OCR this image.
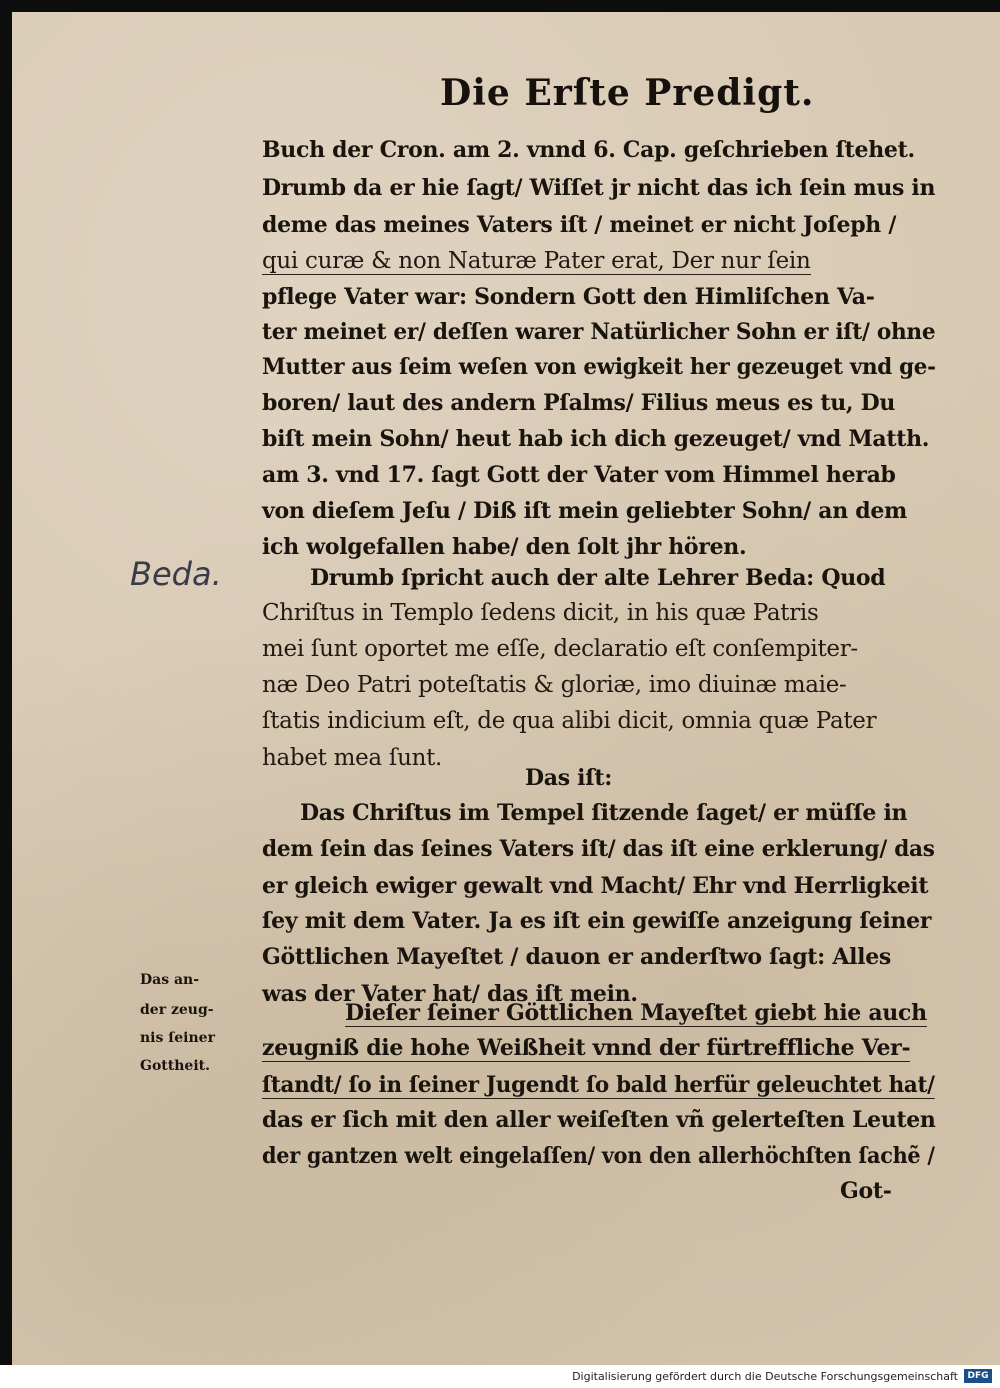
Die Erſte Predigt.
Buch der Cron. am 2. vnnd 6. Cap. geſchrieben ſtehet.
Drumb da er hie ſagt/ Wiſſet jr nicht das ich ſein mus in
deme das meines Vaters iſt / meinet er nicht Joſeph /
qui curæ & non Naturæ Pater erat, Der nur ſein
pflege Vater war: Sondern Gott den Himliſchen Va-
ter meinet er/ deſſen warer Natürlicher Sohn er iſt/ ohne
Mutter aus ſeim weſen von ewigkeit her gezeuget vnd ge-
boren/ laut des andern Pſalms/ Filius meus es tu, Du
biſt mein Sohn/ heut hab ich dich gezeuget/ vnd Matth.
am 3. vnd 17. ſagt Gott der Vater vom Himmel herab
von dieſem Jeſu / Diß iſt mein geliebter Sohn/ an dem
ich wolgefallen habe/ den ſolt jhr hören.
Drumb ſpricht auch der alte Lehrer Beda: Quod
Chriſtus in Templo ſedens dicit, in his quæ Patris
mei ſunt oportet me eſſe, declaratio eſt conſempiter-
næ Deo Patri poteſtatis & gloriæ, imo diuinæ maie-
ſtatis indicium eſt, de qua alibi dicit, omnia quæ Pater
habet mea ſunt.
Das iſt:
Das Chriſtus im Tempel ſitzende ſaget/ er müſſe in
dem ſein das ſeines Vaters iſt/ das iſt eine erklerung/ das
er gleich ewiger gewalt vnd Macht/ Ehr vnd Herrligkeit
ſey mit dem Vater. Ja es iſt ein gewiſſe anzeigung ſeiner
Göttlichen Mayeſtet / dauon er anderſtwo ſagt: Alles
was der Vater hat/ das iſt mein.
Dieſer ſeiner Göttlichen Mayeſtet giebt hie auch
zeugniß die hohe Weißheit vnnd der fürtreffliche Ver-
ſtandt/ ſo in ſeiner Jugendt ſo bald herfür geleuchtet hat/
das er ſich mit den aller weiſeſten vñ gelerteſten Leuten
der gantzen welt eingelaſſen/ von den allerhöchſten ſachẽ /
Got-
Beda.
Das an-
der zeug-
nis ſeiner
Gottheit.
Digitalisierung gefördert durch die Deutsche Forschungsgemeinschaft	DFG
